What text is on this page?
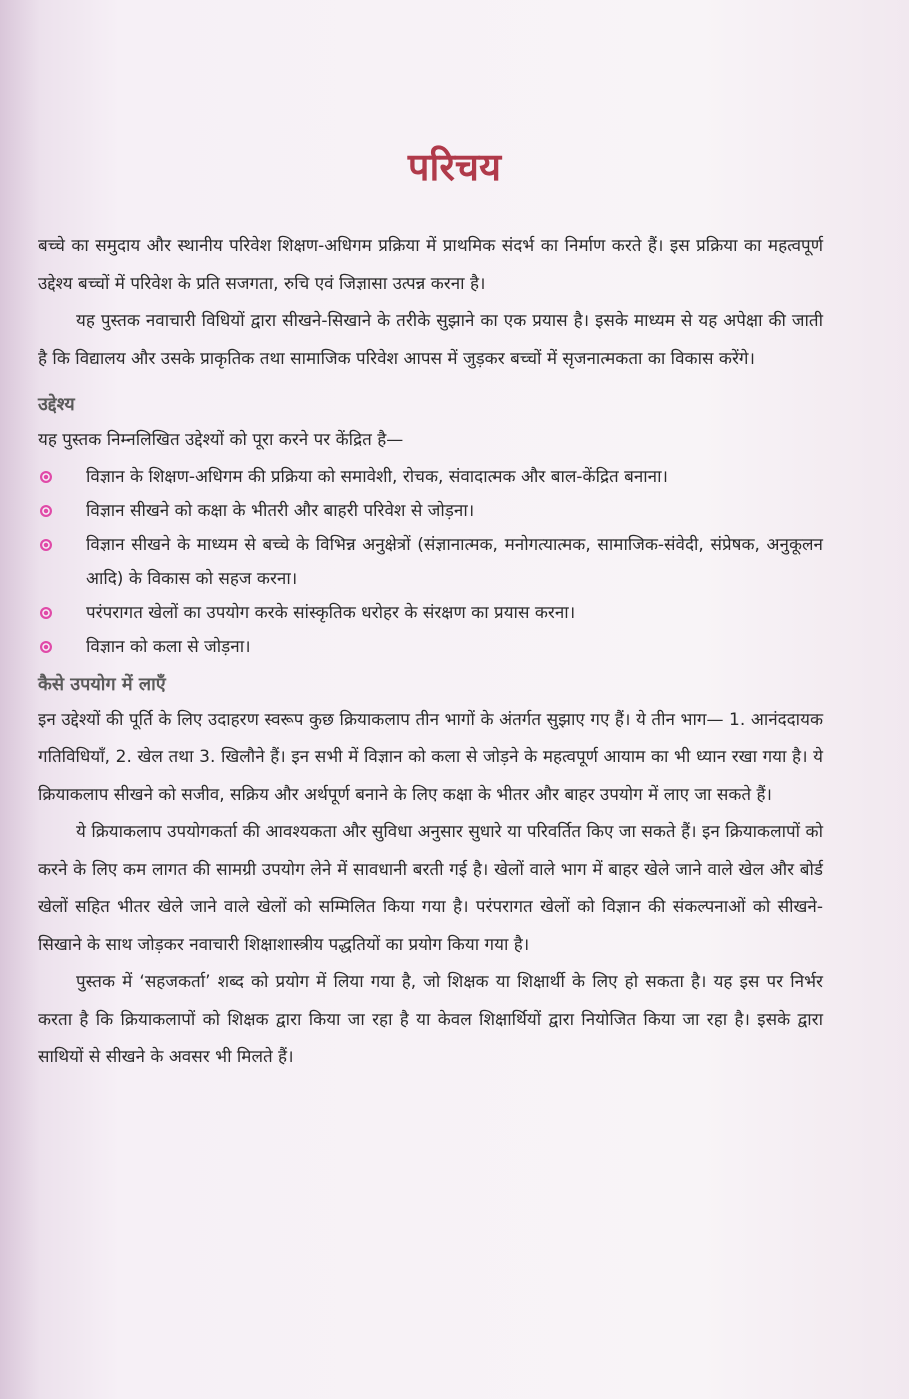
परिचय

बच्चे का समुदाय और स्थानीय परिवेश शिक्षण-अधिगम प्रक्रिया में प्राथमिक संदर्भ का निर्माण करते हैं। इस प्रक्रिया का महत्वपूर्ण उद्देश्य बच्चों में परिवेश के प्रति सजगता, रुचि एवं जिज्ञासा उत्पन्न करना है।

यह पुस्तक नवाचारी विधियों द्वारा सीखने-सिखाने के तरीके सुझाने का एक प्रयास है। इसके माध्यम से यह अपेक्षा की जाती है कि विद्यालय और उसके प्राकृतिक तथा सामाजिक परिवेश आपस में जुड़कर बच्चों में सृजनात्मकता का विकास करेंगे।

उद्देश्य

यह पुस्तक निम्नलिखित उद्देश्यों को पूरा करने पर केंद्रित है—

विज्ञान के शिक्षण-अधिगम की प्रक्रिया को समावेशी, रोचक, संवादात्मक और बाल-केंद्रित बनाना।
विज्ञान सीखने को कक्षा के भीतरी और बाहरी परिवेश से जोड़ना।
विज्ञान सीखने के माध्यम से बच्चे के विभिन्न अनुक्षेत्रों (संज्ञानात्मक, मनोगत्यात्मक, सामाजिक-संवेदी, संप्रेषक, अनुकूलन आदि) के विकास को सहज करना।
परंपरागत खेलों का उपयोग करके सांस्कृतिक धरोहर के संरक्षण का प्रयास करना।
विज्ञान को कला से जोड़ना।
कैसे उपयोग में लाएँ

इन उद्देश्यों की पूर्ति के लिए उदाहरण स्वरूप कुछ क्रियाकलाप तीन भागों के अंतर्गत सुझाए गए हैं। ये तीन भाग— 1. आनंददायक गतिविधियाँ, 2. खेल तथा 3. खिलौने हैं। इन सभी में विज्ञान को कला से जोड़ने के महत्वपूर्ण आयाम का भी ध्यान रखा गया है। ये क्रियाकलाप सीखने को सजीव, सक्रिय और अर्थपूर्ण बनाने के लिए कक्षा के भीतर और बाहर उपयोग में लाए जा सकते हैं।

ये क्रियाकलाप उपयोगकर्ता की आवश्यकता और सुविधा अनुसार सुधारे या परिवर्तित किए जा सकते हैं। इन क्रियाकलापों को करने के लिए कम लागत की सामग्री उपयोग लेने में सावधानी बरती गई है। खेलों वाले भाग में बाहर खेले जाने वाले खेल और बोर्ड खेलों सहित भीतर खेले जाने वाले खेलों को सम्मिलित किया गया है। परंपरागत खेलों को विज्ञान की संकल्पनाओं को सीखने-सिखाने के साथ जोड़कर नवाचारी शिक्षाशास्त्रीय पद्धतियों का प्रयोग किया गया है।

पुस्तक में ‘सहजकर्ता’ शब्द को प्रयोग में लिया गया है, जो शिक्षक या शिक्षार्थी के लिए हो सकता है। यह इस पर निर्भर करता है कि क्रियाकलापों को शिक्षक द्वारा किया जा रहा है या केवल शिक्षार्थियों द्वारा नियोजित किया जा रहा है। इसके द्वारा साथियों से सीखने के अवसर भी मिलते हैं।
